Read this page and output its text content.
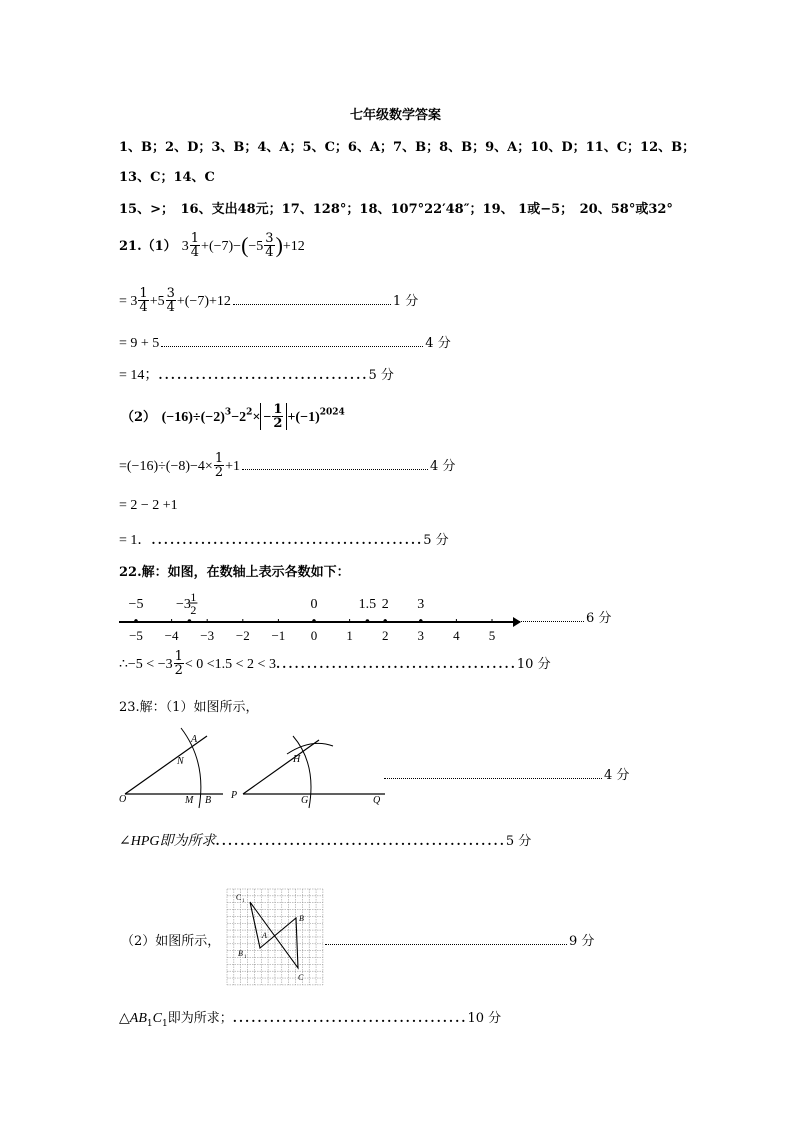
七年级数学答案
1、B；2、D；3、B；4、A；5、C；6、A；7、B；8、B；9、A；10、D；11、C；12、B；
13、C；14、C
15、>；　16、支出48元；17、128°；18、107°22′48″；19、 1或−5；　20、58°或32°
21.（1） $3 \frac{1}{4} +(-7)-(-5 \frac{3}{4} )+12$
= $3 \frac{1}{4} +5 \frac{3}{4} +(-7)+12$	1 分
= 9 + 5	4 分
= 14；..................................5 分
（2） $(-16)\div(-2)^3-2^2\times - \frac{1}{2} +(-1)^{2024}$
$=(-16)\div(-8)-4\times \frac{1}{2} +1$	4 分
= 2 − 2 +1
= 1．............................................5 分
22.解：如图，在数轴上表示各数如下：
−5 −4 −3 −2 −1 0 1 2 3 4 5
−5 −3	0	1.5 2 3
1
2
6 分
∴−5 < $-3 \frac{1}{2} < 0 <1.5 < 2 < 3.......................................10$ 分
23.解：（1）如图所示，
A
N
O	M B
H
P	G	Q
4 分
∠HPG即为所求...............................................5 分
（2）如图所示，
C 1
B
A
B 1
C
9 分
$\triangle AB_1C_1$即为所求；......................................10 分
